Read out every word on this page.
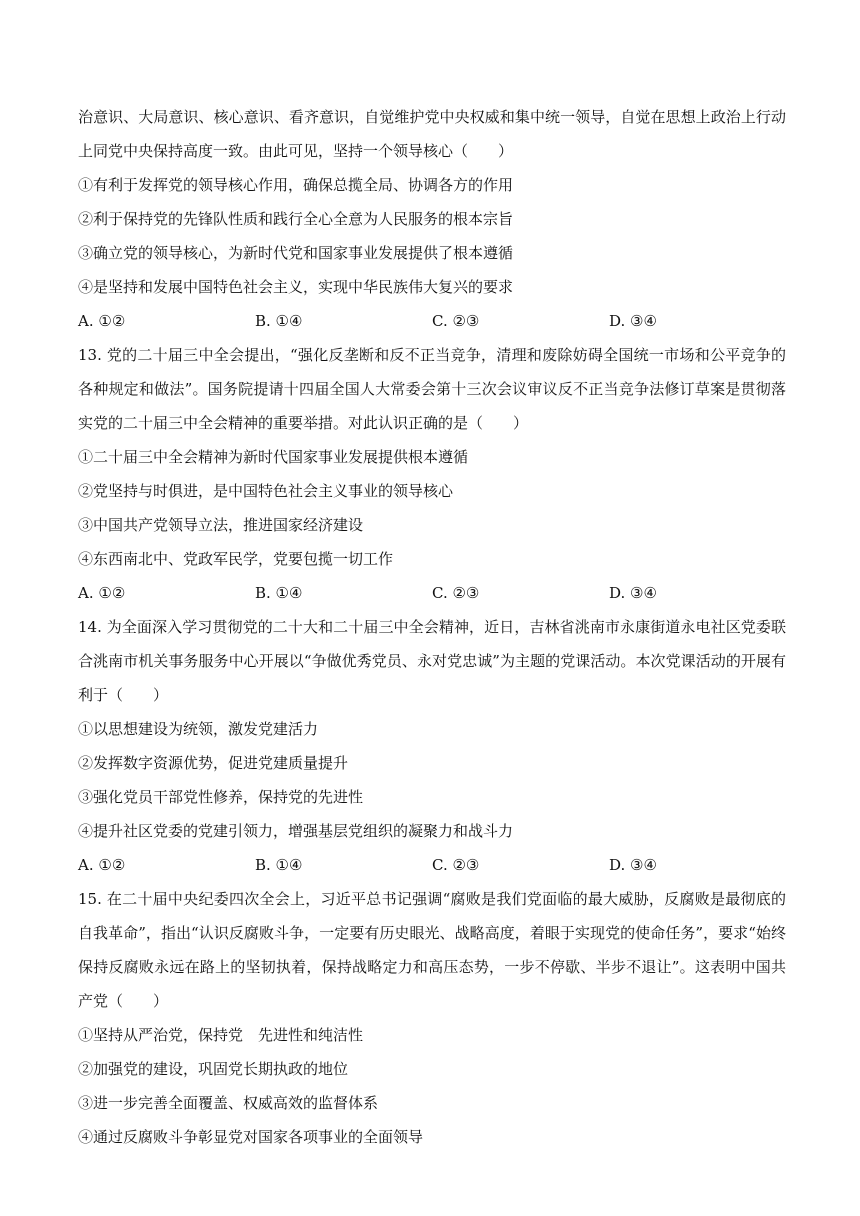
治意识、大局意识、核心意识、看齐意识，自觉维护党中央权威和集中统一领导，自觉在思想上政治上行动上同党中央保持高度一致。由此可见，坚持一个领导核心（　　）
①有利于发挥党的领导核心作用，确保总揽全局、协调各方的作用
②利于保持党的先锋队性质和践行全心全意为人民服务的根本宗旨
③确立党的领导核心，为新时代党和国家事业发展提供了根本遵循
④是坚持和发展中国特色社会主义，实现中华民族伟大复兴的要求
A. ①②	B. ①④	C. ②③	D. ③④
13. 党的二十届三中全会提出，“强化反垄断和反不正当竞争，清理和废除妨碍全国统一市场和公平竞争的各种规定和做法”。国务院提请十四届全国人大常委会第十三次会议审议反不正当竞争法修订草案是贯彻落实党的二十届三中全会精神的重要举措。对此认识正确的是（　　）
①二十届三中全会精神为新时代国家事业发展提供根本遵循
②党坚持与时俱进，是中国特色社会主义事业的领导核心
③中国共产党领导立法，推进国家经济建设
④东西南北中、党政军民学，党要包揽一切工作
A. ①②	B. ①④	C. ②③	D. ③④
14. 为全面深入学习贯彻党的二十大和二十届三中全会精神，近日，吉林省洮南市永康街道永电社区党委联合洮南市机关事务服务中心开展以“争做优秀党员、永对党忠诚”为主题的党课活动。本次党课活动的开展有利于（　　）
①以思想建设为统领，激发党建活力
②发挥数字资源优势，促进党建质量提升
③强化党员干部党性修养，保持党的先进性
④提升社区党委的党建引领力，增强基层党组织的凝聚力和战斗力
A. ①②	B. ①④	C. ②③	D. ③④
15. 在二十届中央纪委四次全会上，习近平总书记强调“腐败是我们党面临的最大威胁，反腐败是最彻底的自我革命”，指出“认识反腐败斗争，一定要有历史眼光、战略高度，着眼于实现党的使命任务”，要求“始终保持反腐败永远在路上的坚韧执着，保持战略定力和高压态势，一步不停歇、半步不退让”。这表明中国共产党（　　）
①坚持从严治党，保持党　先进性和纯洁性
②加强党的建设，巩固党长期执政的地位
③进一步完善全面覆盖、权威高效的监督体系
④通过反腐败斗争彰显党对国家各项事业的全面领导
